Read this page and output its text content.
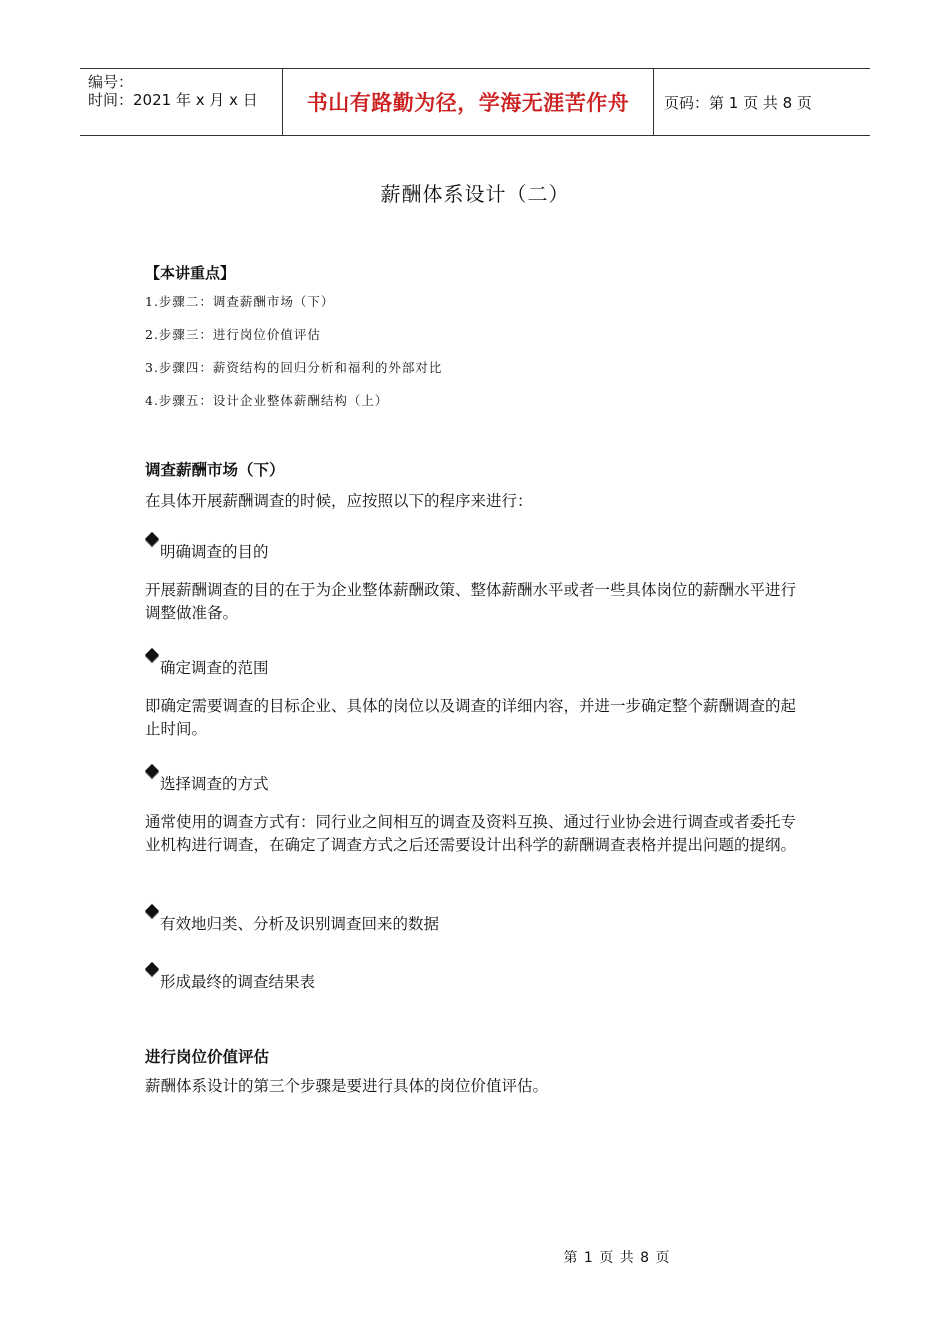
编号：
时间：2021 年 x 月 x 日	书山有路勤为径，学海无涯苦作舟 页码：第 1 页 共 8 页
薪酬体系设计（二）
【本讲重点】
1.步骤二：调查薪酬市场（下）
2.步骤三：进行岗位价值评估
3.步骤四：薪资结构的回归分析和福利的外部对比
4.步骤五：设计企业整体薪酬结构（上）
调查薪酬市场（下）

在具体开展薪酬调查的时候，应按照以下的程序来进行：

明确调查的目的

开展薪酬调查的目的在于为企业整体薪酬政策、整体薪酬水平或者一些具体岗位的薪酬水平进行调整做准备。

确定调查的范围

即确定需要调查的目标企业、具体的岗位以及调查的详细内容，并进一步确定整个薪酬调查的起止时间。

选择调查的方式

通常使用的调查方式有：同行业之间相互的调查及资料互换、通过行业协会进行调查或者委托专业机构进行调查，在确定了调查方式之后还需要设计出科学的薪酬调查表格并提出问题的提纲。

有效地归类、分析及识别调查回来的数据
形成最终的调查结果表
进行岗位价值评估

薪酬体系设计的第三个步骤是要进行具体的岗位价值评估。

第 1 页 共 8 页
